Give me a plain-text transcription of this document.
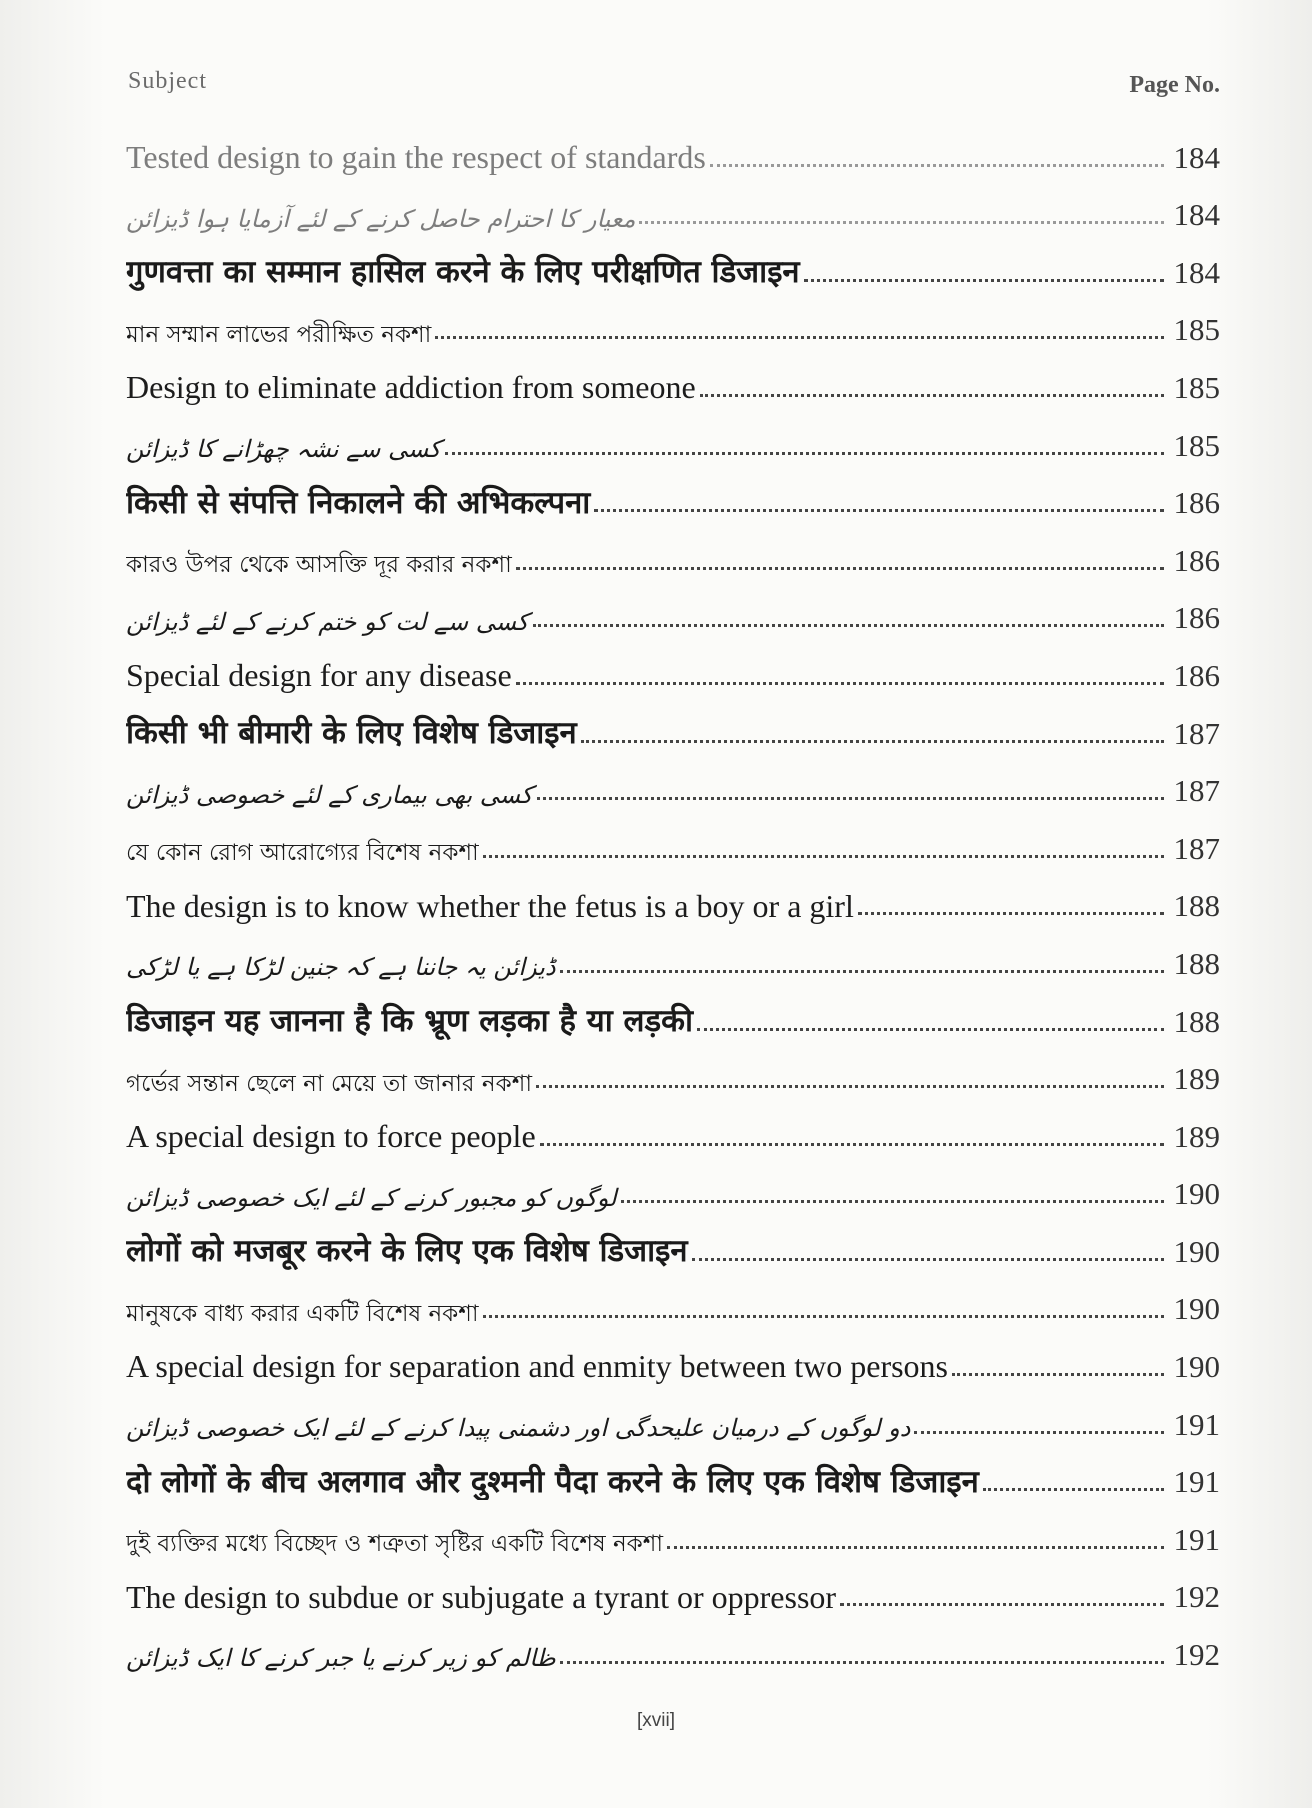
Subject	Page No.
Tested design to gain the respect of standards	184
معیار کا احترام حاصل کرنے کے لئے آزمایا ہوا ڈیزائن	184
गुणवत्ता का सम्मान हासिल करने के लिए परीक्षणित डिजाइन	184
মান সম্মান লাভের পরীক্ষিত নকশা	185
Design to eliminate addiction from someone	185
کسی سے نشہ چھڑانے کا ڈیزائن	185
किसी से संपत्ति निकालने की अभिकल्पना	186
কারও উপর থেকে আসক্তি দূর করার নকশা	186
کسی سے لت کو ختم کرنے کے لئے ڈیزائن	186
Special design for any disease	186
किसी भी बीमारी के लिए विशेष डिजाइन	187
کسی بھی بیماری کے لئے خصوصی ڈیزائن	187
যে কোন রোগ আরোগ্যের বিশেষ নকশা	187
The design is to know whether the fetus is a boy or a girl	188
ڈیزائن یہ جاننا ہے کہ جنین لڑکا ہے یا لڑکی	188
डिजाइन यह जानना है कि भ्रूण लड़का है या लड़की	188
গর্ভের সন্তান ছেলে না মেয়ে তা জানার নকশা	189
A special design to force people	189
لوگوں کو مجبور کرنے کے لئے ایک خصوصی ڈیزائن	190
लोगों को मजबूर करने के लिए एक विशेष डिजाइन	190
মানুষকে বাধ্য করার একটি বিশেষ নকশা	190
A special design for separation and enmity between two persons	190
دو لوگوں کے درمیان علیحدگی اور دشمنی پیدا کرنے کے لئے ایک خصوصی ڈیزائن	191
दो लोगों के बीच अलगाव और दुश्मनी पैदा करने के लिए एक विशेष डिजाइन	191
দুই ব্যক্তির মধ্যে বিচ্ছেদ ও শত্রুতা সৃষ্টির একটি বিশেষ নকশা	191
The design to subdue or subjugate a tyrant or oppressor	192
ظالم کو زیر کرنے یا جبر کرنے کا ایک ڈیزائن	192
[xvii]
